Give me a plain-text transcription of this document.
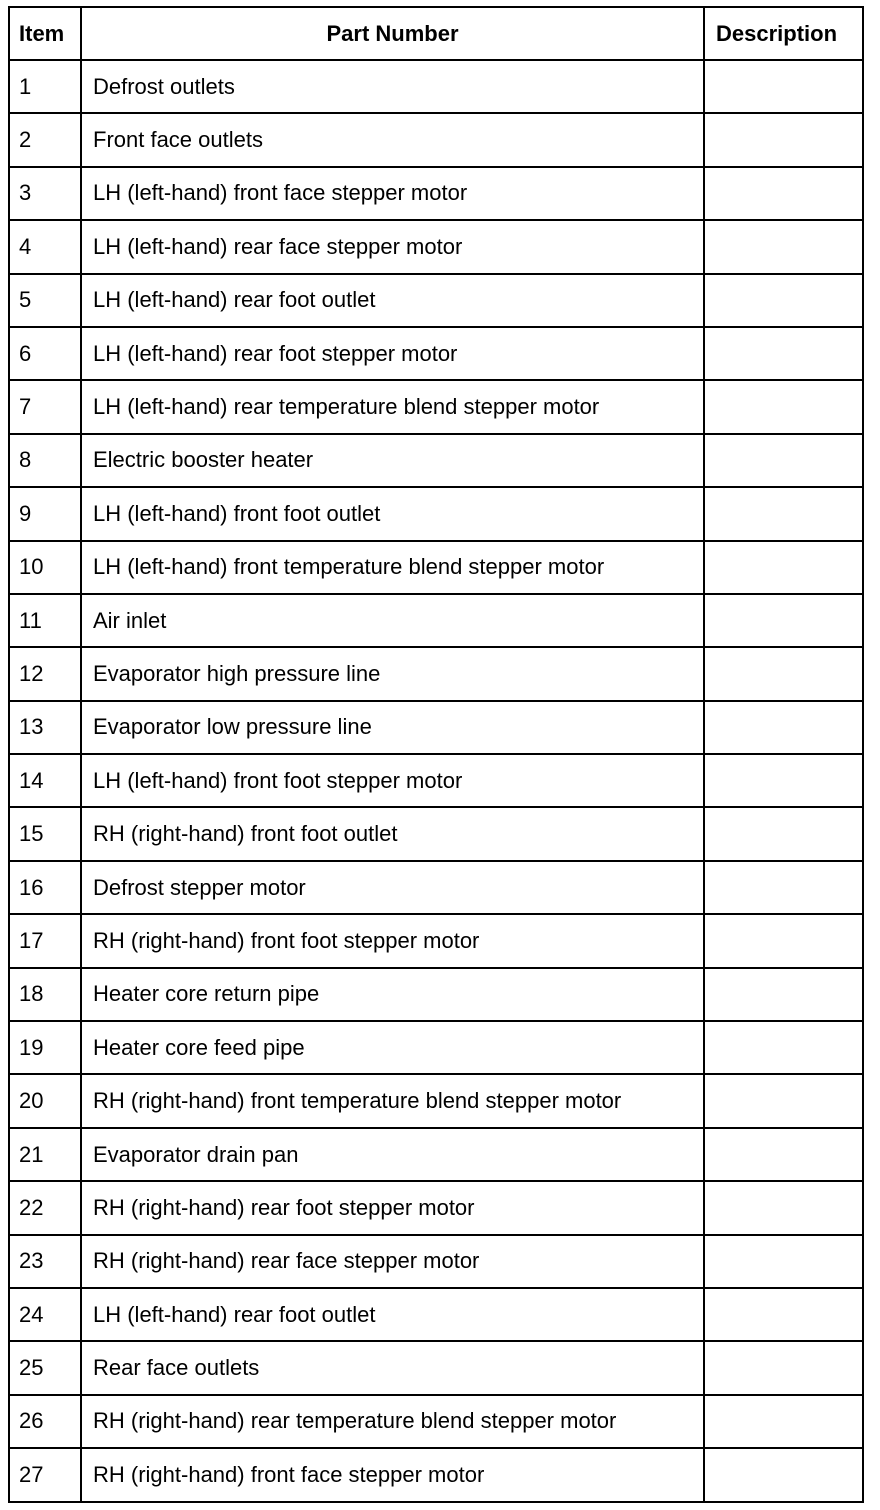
Item	Part Number	Description
1	Defrost outlets	
2	Front face outlets	
3	LH (left-hand) front face stepper motor	
4	LH (left-hand) rear face stepper motor	
5	LH (left-hand) rear foot outlet	
6	LH (left-hand) rear foot stepper motor	
7	LH (left-hand) rear temperature blend stepper motor	
8	Electric booster heater	
9	LH (left-hand) front foot outlet	
10	LH (left-hand) front temperature blend stepper motor	
11	Air inlet	
12	Evaporator high pressure line	
13	Evaporator low pressure line	
14	LH (left-hand) front foot stepper motor	
15	RH (right-hand) front foot outlet	
16	Defrost stepper motor	
17	RH (right-hand) front foot stepper motor	
18	Heater core return pipe	
19	Heater core feed pipe	
20	RH (right-hand) front temperature blend stepper motor	
21	Evaporator drain pan	
22	RH (right-hand) rear foot stepper motor	
23	RH (right-hand) rear face stepper motor	
24	LH (left-hand) rear foot outlet	
25	Rear face outlets	
26	RH (right-hand) rear temperature blend stepper motor	
27	RH (right-hand) front face stepper motor	
